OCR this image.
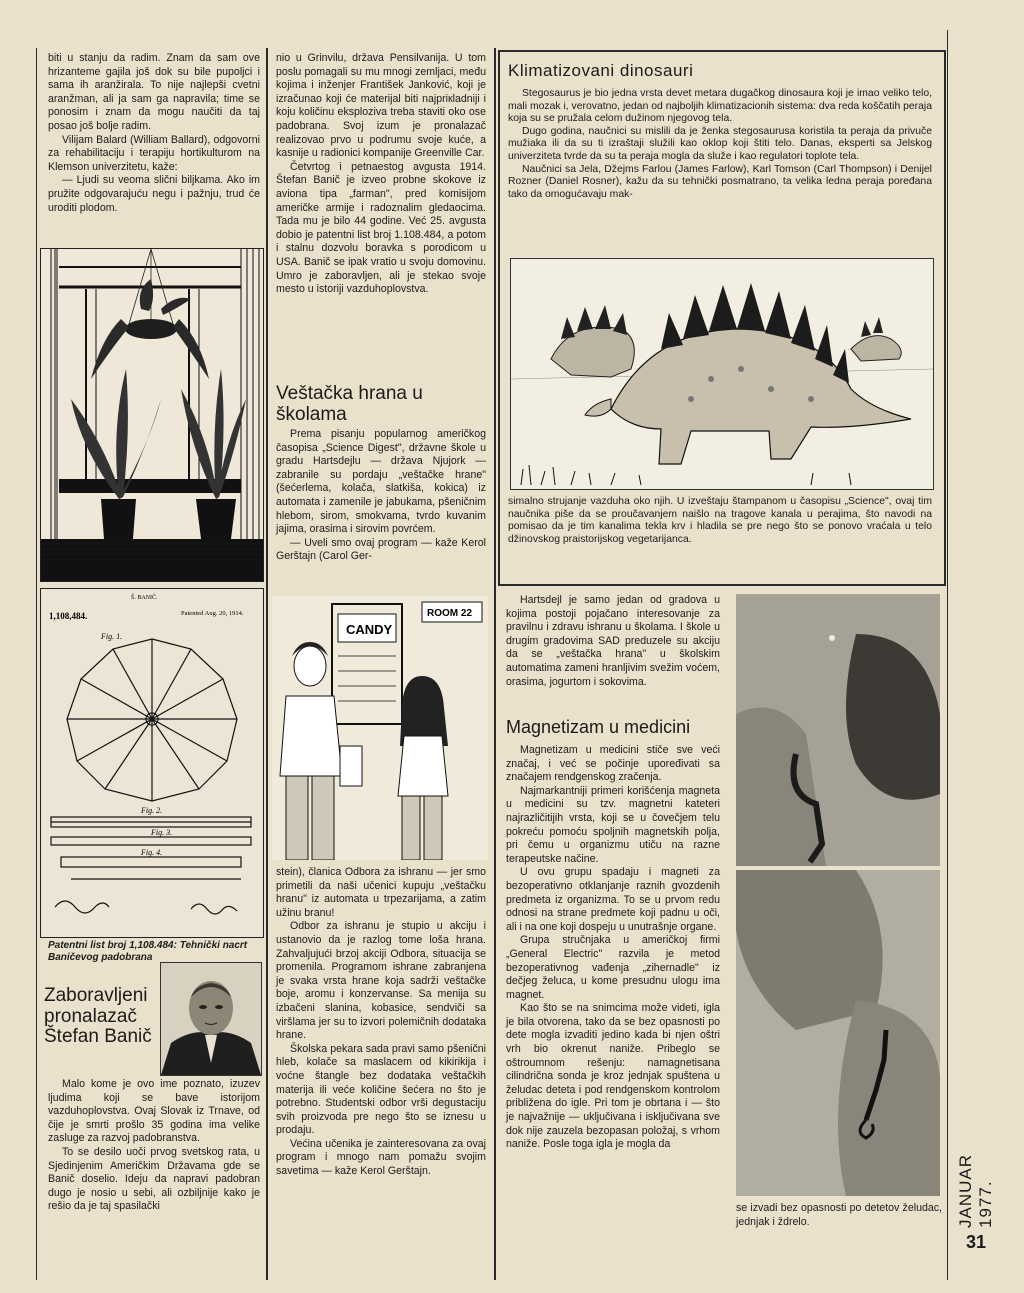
biti u stanju da radim. Znam da sam ove hrizanteme gajila još dok su bile pupoljci i sama ih aranžirala. To nije najlepši cvetni aranžman, ali ja sam ga napravila; time se ponosim i znam da mogu naučiti da taj posao još bolje radim.

Vilijam Balard (William Ballard), odgovorni za rehabilitaciju i terapiju hortikulturom na Klemson univerzitetu, kaže:

— Ljudi su veoma slični biljkama. Ako im pružite odgovarajuću negu i pažnju, trud će uroditi plodom.

1,108,484.
Š. BANIČ.
Patented Aug. 20, 1914.
Fig. 1.
Fig. 2.
Fig. 3.
Fig. 4.
Patentni list broj 1,108.484: Tehnički nacrt Baničevog padobrana
Zaboravljeni pronalazač Štefan Banič

Malo kome je ovo ime poznato, izuzev ljudima koji se bave istorijom vazduhoplovstva. Ovaj Slovak iz Trnave, od čije je smrti prošlo 35 godina ima velike zasluge za razvoj padobranstva.

To se desilo uoči prvog svetskog rata, u Sjedinjenim Američkim Državama gde se Banič doselio. Ideju da napravi padobran dugo je nosio u sebi, ali ozbiljnije kako je rešio da je taj spasilački

nio u Grinvilu, država Pensilvanija. U tom poslu pomagali su mu mnogi zemljaci, među kojima i inženjer František Janković, koji je izračunao koji će materijal biti najpriкladniji i koju količinu eksploziva treba staviti oko ose padobrana. Svoj izum je pronalazač realizovao prvo u podrumu svoje kuće, a kasnije u radionici kompanije Greenville Car.

Četvrtog i petnaestog avgusta 1914. Štefan Banič je izveo probne skokove iz aviona tipa „farman", pred komisijom američke armije i radoznalim gledaocima. Tada mu je bilo 44 godine. Već 25. avgusta dobio je patentni list broj 1.108.484, a potom i stalnu dozvolu boravka s porodicom u USA. Banič se ipak vratio u svoju domovinu. Umro je zaboravljen, ali je stekao svoje mesto u istoriji vazduhoplovstva.

Veštačka hrana u školama

Prema pisanju popularnog američkog časopisa „Science Digest", državne škole u gradu Hartsdejlu — država Njujork — zabranile su pordaju „veštačke hrane" (šećerlema, kolača, slatkiša, kokica) iz automata i zamenile je jabukama, pšeničnim hlebom, sirom, smokvama, tvrdo kuvanim jajima, orasima i sirovim povrćem.

— Uveli smo ovaj program — kaže Kerol Gerštajn (Carol Ger-

CANDY
ROOM 22

stein), članica Odbora za ishranu — jer smo primetili da naši učenici kupuju „veštačku hranu" iz automata u trpezarijama, a zatim užinu branu!

Odbor za ishranu je stupio u akciju i ustanovio da je razlog tome loša hrana. Zahvaljujući brzoj akciji Odbora, situacija se promenila. Programom ishrane zabranjena je svaka vrsta hrane koja sadrži veštačke boje, aromu i konzervanse. Sa menija su izbačeni slanina, kobasice, sendviči sa viršlama jer su to izvori polemičnih dodataka hrane.

Školska pekara sada pravi samo pšenični hleb, kolače sa maslacem od kikirikija i voćne štangle bez dodataka veštačkih materija ili veće količine šećera no što je potrebno. Studentski odbor vrši degustaciju svih proizvoda pre nego što se iznesu u prodaju.

Većina učenika je zainteresovana za ovaj program i mnogo nam pomažu svojim savetima — kaže Kerol Gerštajn.

Klimatizovani dinosauri

Stegosaurus je bio jedna vrsta devet metara dugačkog dinosaura koji je imao veliko telo, mali mozak i, verovatno, jedan od najboljih klimatizacionih sistema: dva reda koščatih peraja koja su se pružala celom dužinom njegovog tela.

Dugo godina, naučnici su mislili da je ženka stegosaurusa koristila ta peraja da privuče mužiaka ili da su ti izraštaji služili kao oklop koji štiti telo. Danas, eksperti sa Jelskog univerziteta tvrde da su ta peraja mogla da služe i kao regulatori toplote tela.

Naučnici sa Jela, Džejms Farlou (James Farlow), Karl Tomson (Carl Thompson) i Denijel Rozner (Daniel Rosner), kažu da su tehnički posmatrano, ta velika ledna peraja poređana tako da omogućavaju mak-

simalno strujanje vazduha oko njih. U izveštaju štampanom u časopisu „Science", ovaj tim naučnika piše da se proučavanjem naišlo na tragove kanala u perajima, što navodi na pomisao da je tim kanalima tekla krv i hladila se pre nego što se ponovo vraćala u telo džinovskog praistorijskog vegetarijanca.

Hartsdejl je samo jedan od gradova u kojima postoji pojačano interesovanje za pravilnu i zdravu ishranu u školama. I škole u drugim gradovima SAD preduzele su akciju da se „veštačka hrana" u školskim automatima zameni hranljivim svežim voćem, orasima, jogurtom i sokovima.

Magnetizam u medicini

Magnetizam u medicini stiče sve veći značaj, i već se počinje upoređivati sa značajem rendgenskog zračenja.

Najmarkantniji primeri korišćenja magneta u medicini su tzv. magnetni kateteri najrazličitijih vrsta, koji se u čovečjem telu pokreću pomoću spoljnih magnetskih polja, pri čemu u organizmu utiču na razne terapeutske načine.

U ovu grupu spadaju i magneti za bezoperativno otklanjanje raznih gvozdenih predmeta iz organizma. To se u prvom redu odnosi na strane predmete koji padnu u oči, ali i na one koji dospeju u unutrašnje organe.

Grupa stručnjaka u američkoj firmi „General Electric" razvila je metod bezoperativnog vađenja „zihernadle" iz dečjeg želuca, u kome presudnu ulogu ima magnet.

Kao što se na snimcima može videti, igla je bila otvorena, tako da se bez opasnosti po dete mogla izvaditi jedino kada bi njen oštri vrh bio okrenut naniže. Pribeglo se oštroumnom rešenju: namagnetisana cilindrična sonda je kroz jednjak spuštena u želudac deteta i pod rendgenskom kontrolom približena do igle. Pri tom je obrtana i — što je najvažnije — uključivana i isključivana sve dok nije zauzela bezopasan položaj, s vrhom naniže. Posle toga igla je mogla da

se izvadi bez opasnosti po detetov želudac, jednjak i ždrelo.	JANUAR 1977.
31
